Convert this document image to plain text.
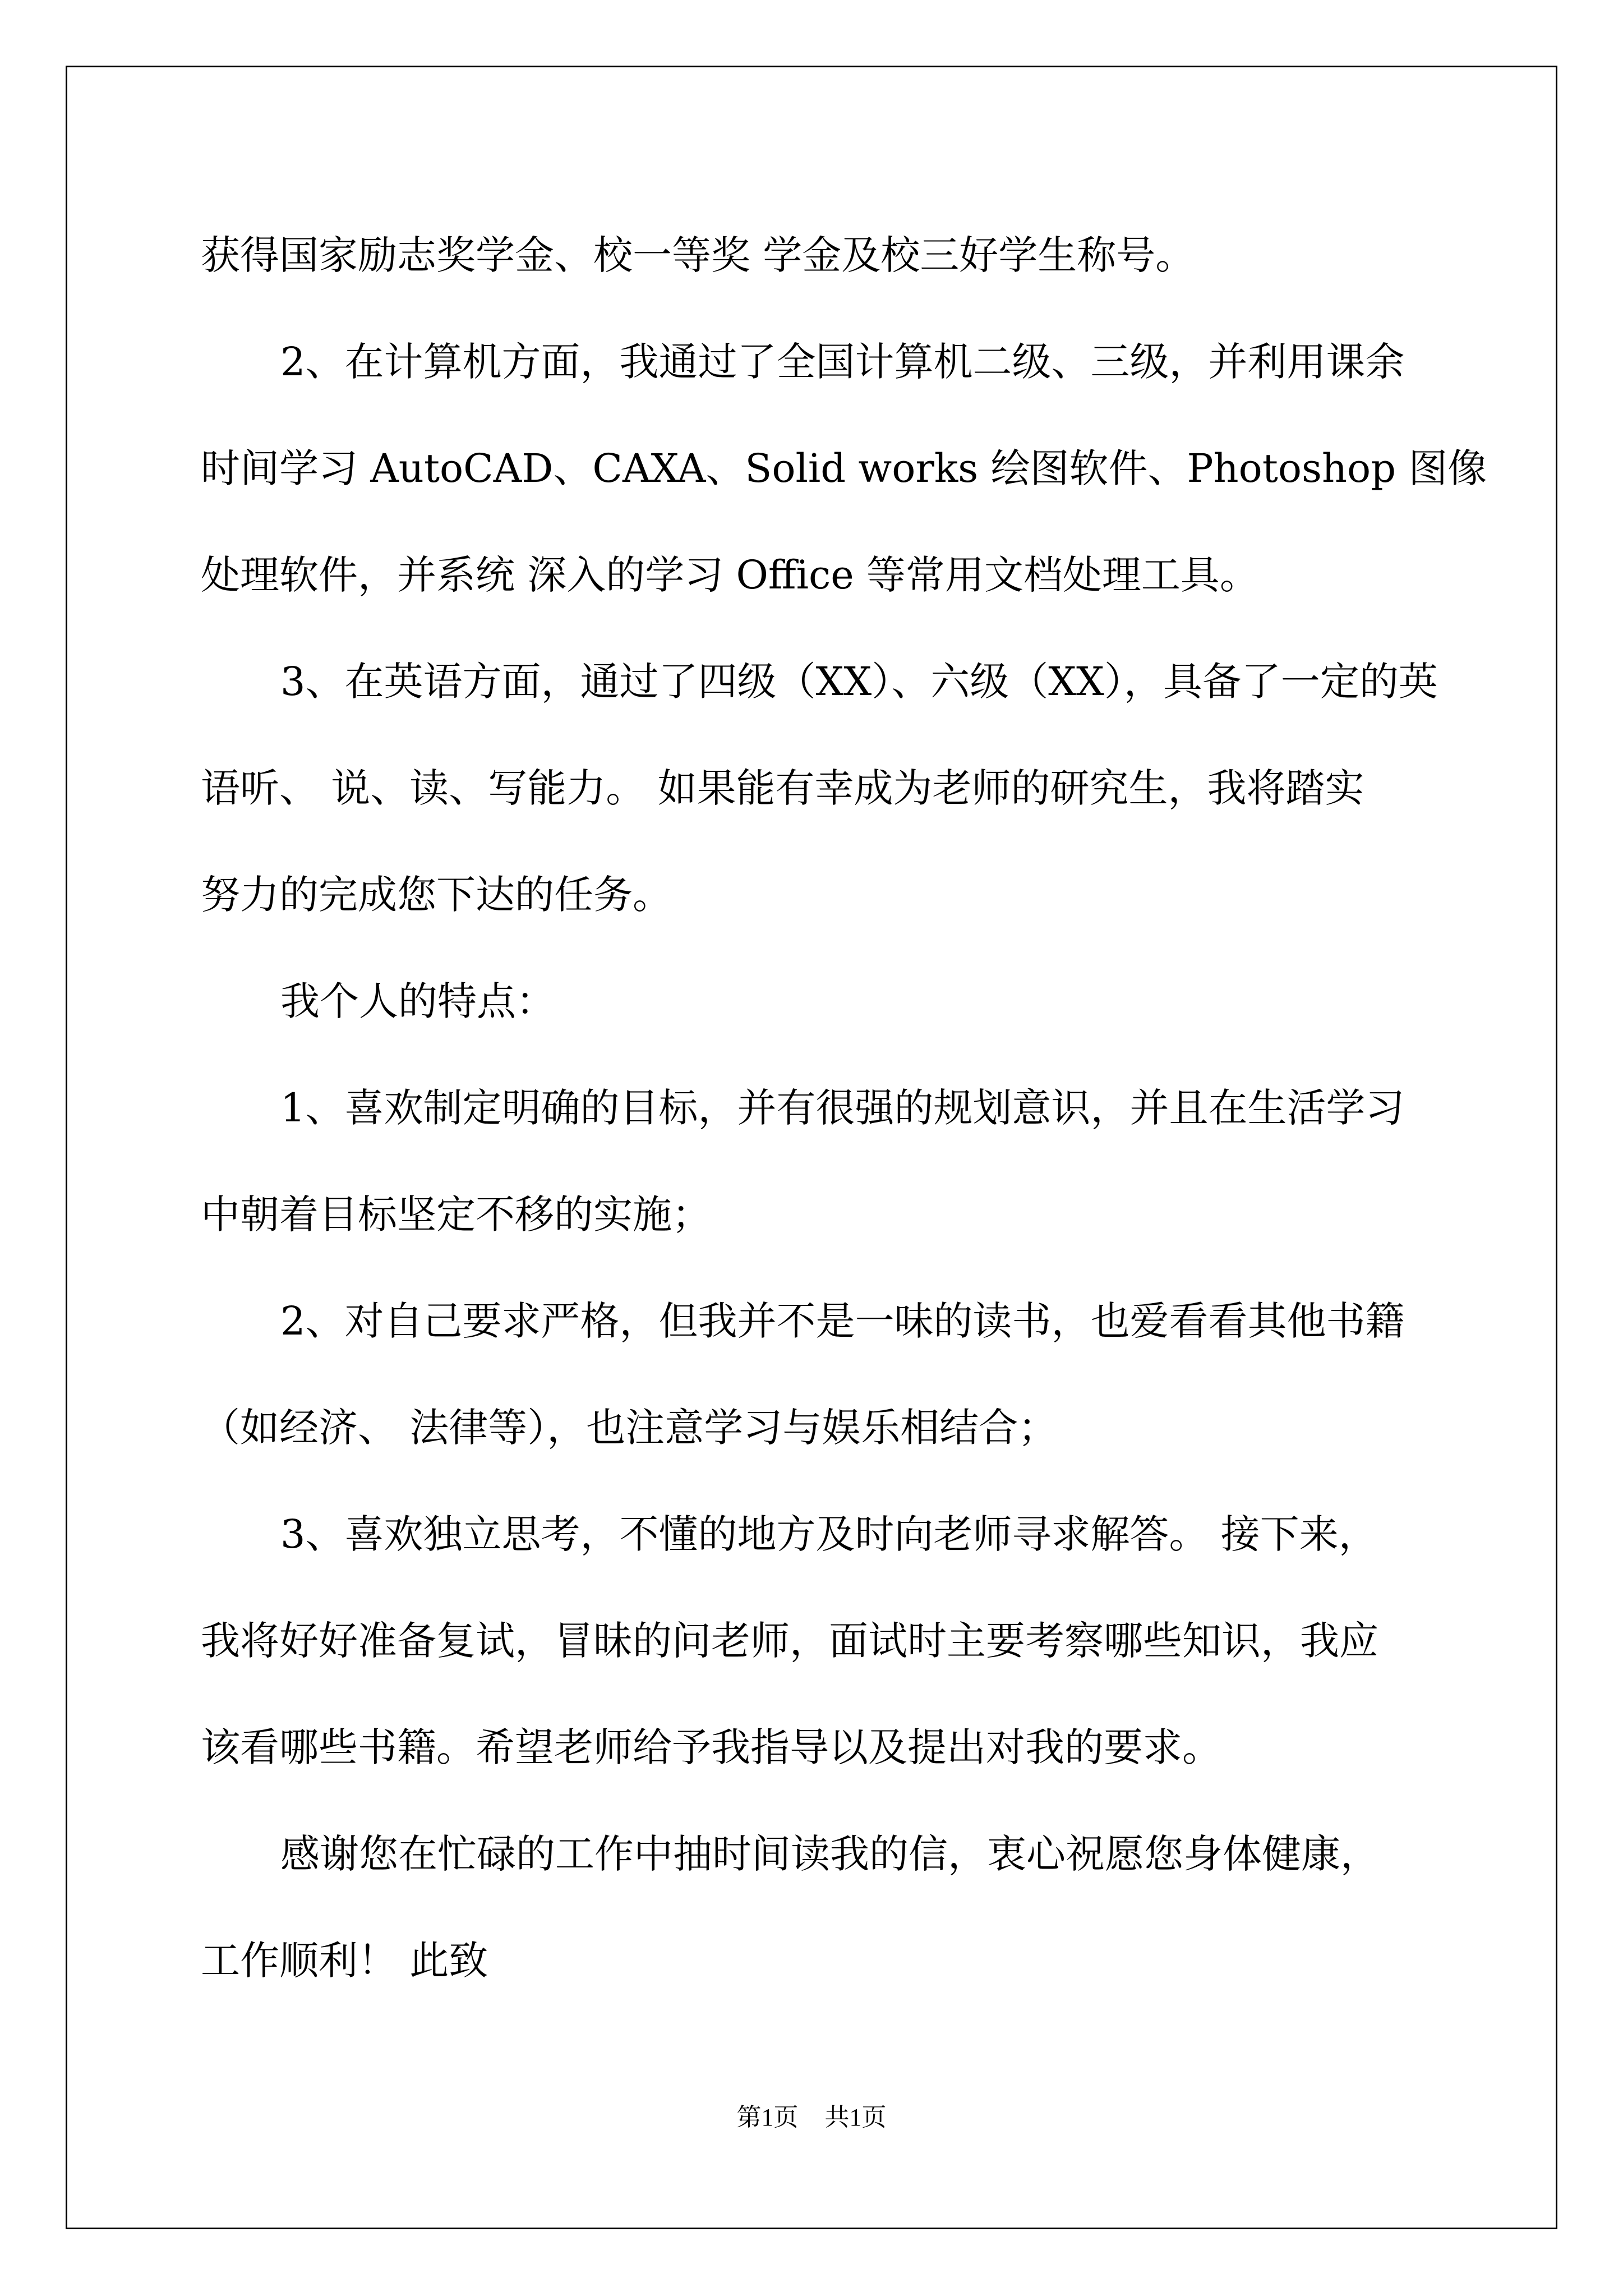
获得国家励志奖学金、校一等奖 学金及校三好学生称号。
2、在计算机方面，我通过了全国计算机二级、三级，并利用课余
时间学习 AutoCAD、CAXA、Solid works 绘图软件、Photoshop 图像
处理软件，并系统 深入的学习 Office 等常用文档处理工具。
3、在英语方面，通过了四级（XX）、六级（XX），具备了一定的英
语听、 说、读、写能力。 如果能有幸成为老师的研究生，我将踏实
努力的完成您下达的任务。
我个人的特点：
1、喜欢制定明确的目标，并有很强的规划意识，并且在生活学习
中朝着目标坚定不移的实施；
2、对自己要求严格，但我并不是一味的读书，也爱看看其他书籍
（如经济、 法律等），也注意学习与娱乐相结合；
3、喜欢独立思考，不懂的地方及时向老师寻求解答。 接下来，
我将好好准备复试，冒昧的问老师，面试时主要考察哪些知识，我应
该看哪些书籍。希望老师给予我指导以及提出对我的要求。
感谢您在忙碌的工作中抽时间读我的信，衷心祝愿您身体健康，
工作顺利！ 此致
第1页 共1页
